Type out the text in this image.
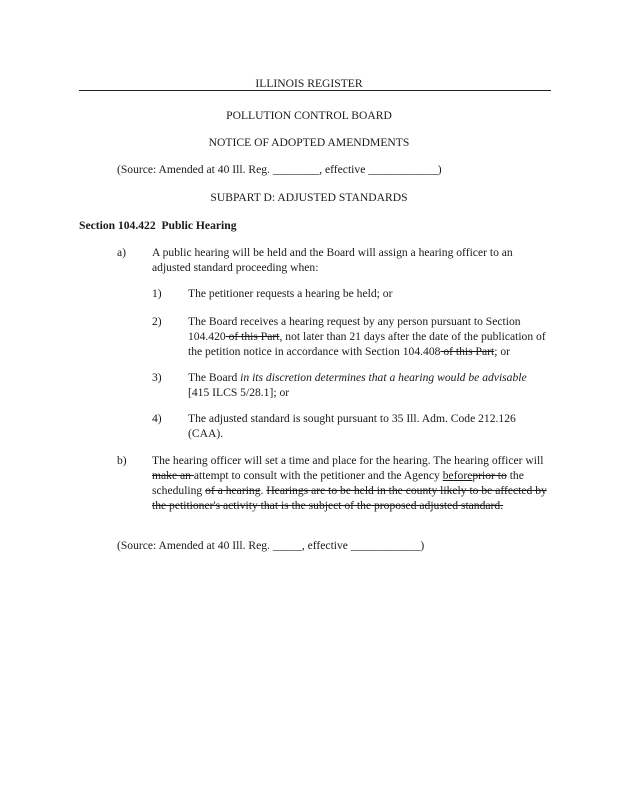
ILLINOIS REGISTER
POLLUTION CONTROL BOARD
NOTICE OF ADOPTED AMENDMENTS
(Source: Amended at 40 Ill. Reg. ________, effective ____________)
SUBPART D: ADJUSTED STANDARDS
Section 104.422 Public Hearing
a) A public hearing will be held and the Board will assign a hearing officer to an adjusted standard proceeding when:
1) The petitioner requests a hearing be held; or
2) The Board receives a hearing request by any person pursuant to Section 104.420 of this Part, not later than 21 days after the date of the publication of the petition notice in accordance with Section 104.408 of this Part; or
3) The Board in its discretion determines that a hearing would be advisable [415 ILCS 5/28.1]; or
4) The adjusted standard is sought pursuant to 35 Ill. Adm. Code 212.126 (CAA).
b) The hearing officer will set a time and place for the hearing. The hearing officer will make an attempt to consult with the petitioner and the Agency beforeprior to the scheduling of a hearing. Hearings are to be held in the county likely to be affected by the petitioner's activity that is the subject of the proposed adjusted standard.
(Source: Amended at 40 Ill. Reg. _____, effective ____________)
